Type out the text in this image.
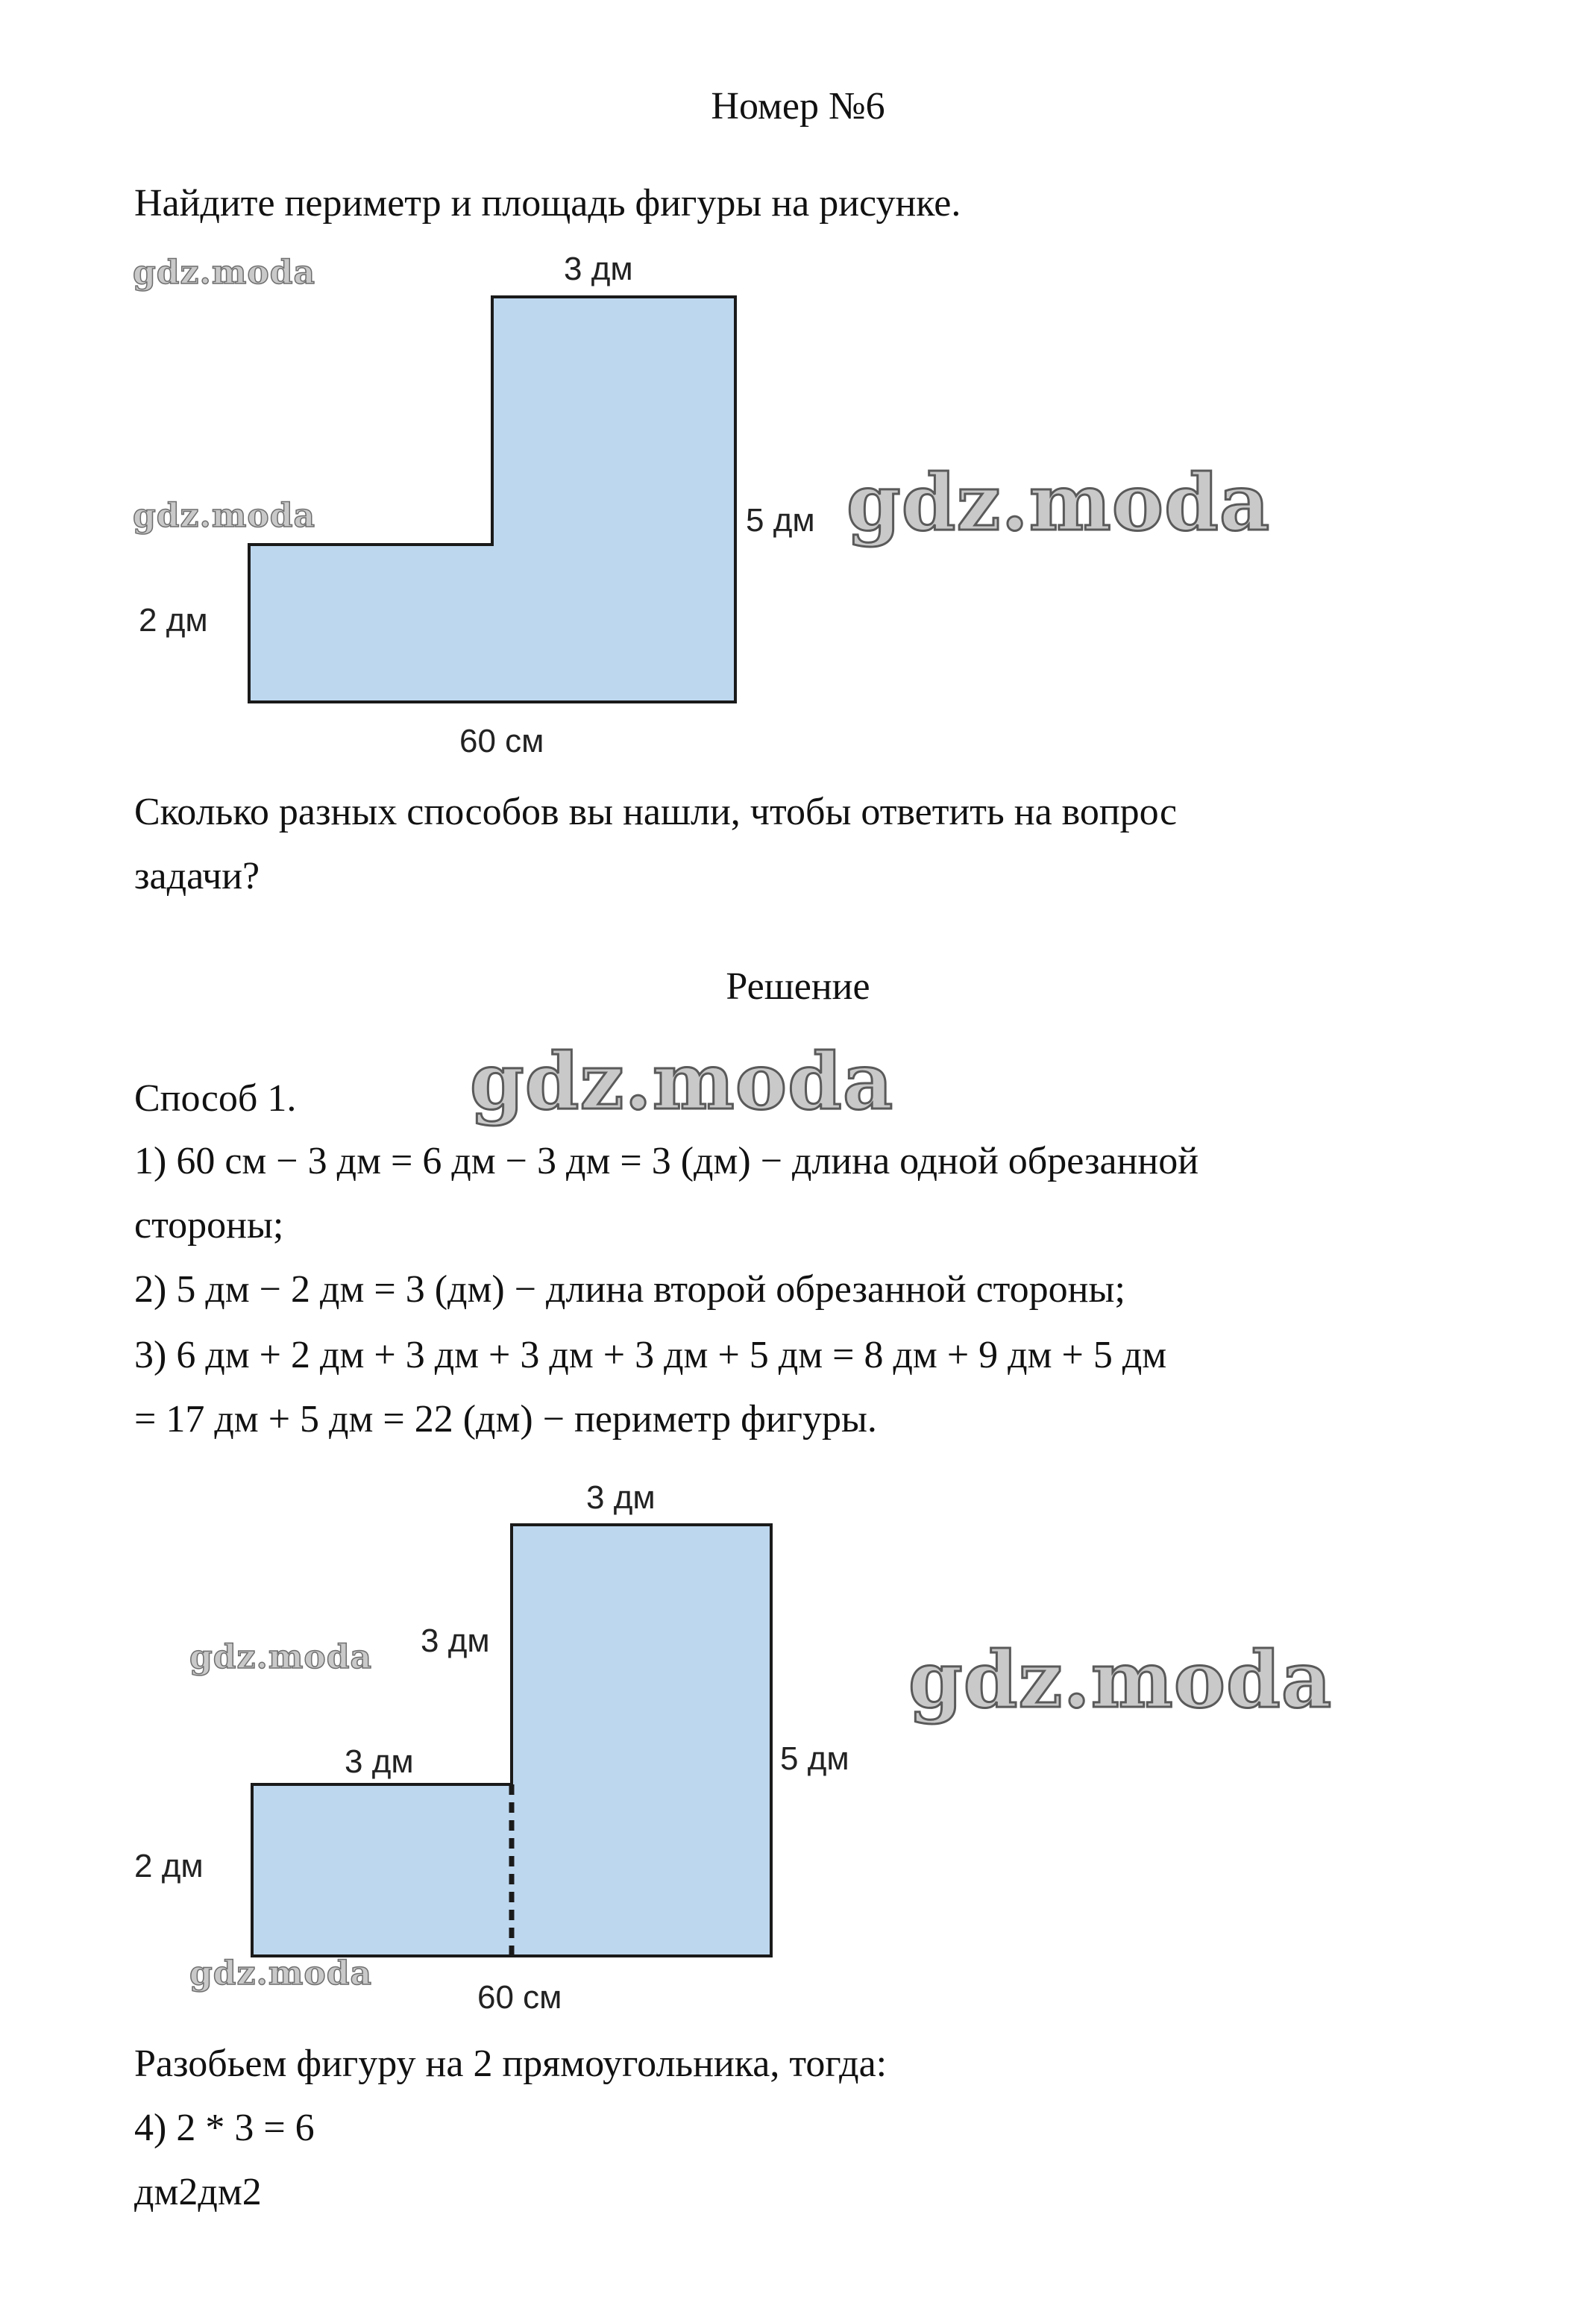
Номер №6
Найдите периметр и площадь фигуры на рисунке.
3 дм
5 дм
2 дм
60 см
gdz.moda
gdz.moda	gdz.moda
Сколько разных способов вы нашли, чтобы ответить на вопрос
задачи?
Решение
Способ 1. gdz.moda
1) 60 см − 3 дм = 6 дм − 3 дм = 3 (дм) − длина одной обрезанной
стороны;
2) 5 дм − 2 дм = 3 (дм) − длина второй обрезанной стороны;
3) 6 дм + 2 дм + 3 дм + 3 дм + 3 дм + 5 дм = 8 дм + 9 дм + 5 дм
= 17 дм + 5 дм = 22 (дм) − периметр фигуры.
3 дм
3 дм
3 дм	5 дм
2 дм
60 см
gdz.moda
gdz.moda
gdz.moda
Разобьем фигуру на 2 прямоугольника, тогда:
4) 2 * 3 = 6
дм2дм2
